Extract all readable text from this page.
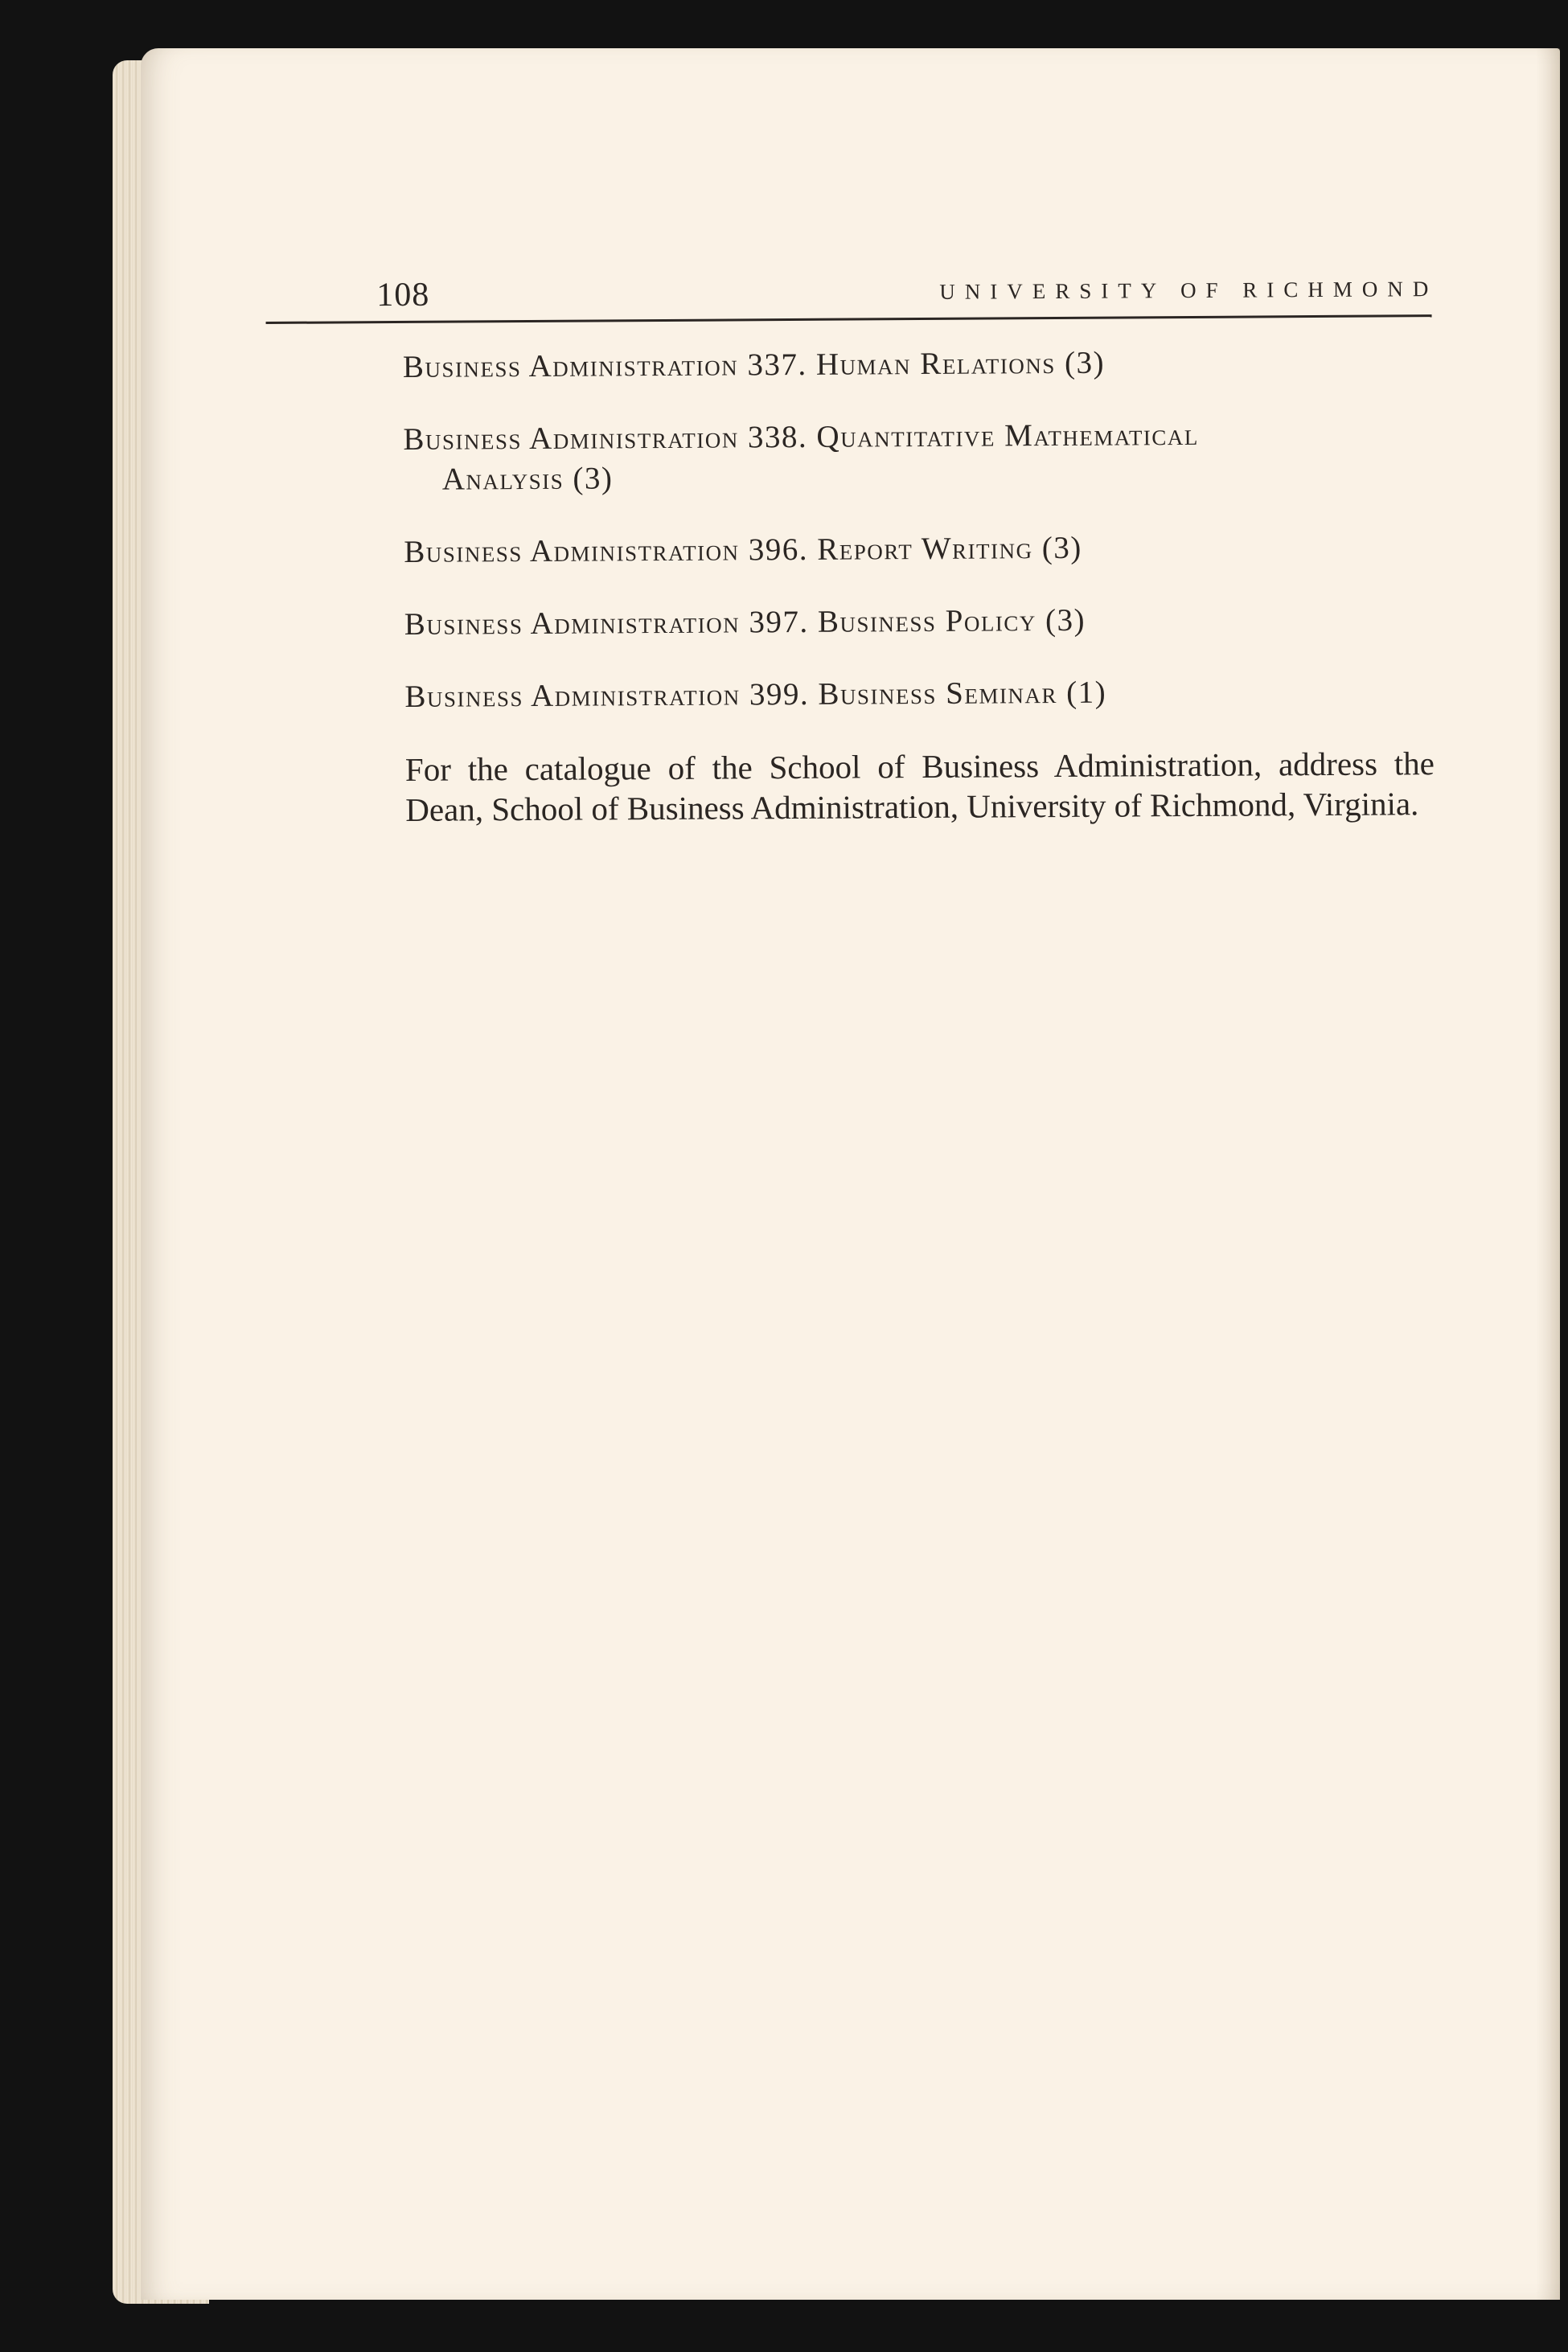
108	UNIVERSITY OF RICHMOND
Business Administration 337. Human Relations (3)
Business Administration 338. Quantitative Mathematical
Analysis (3)
Business Administration 396. Report Writing (3)
Business Administration 397. Business Policy (3)
Business Administration 399. Business Seminar (1)

For the catalogue of the School of Business Administration, address the Dean, School of Business Administration, University of Richmond, Virginia.
